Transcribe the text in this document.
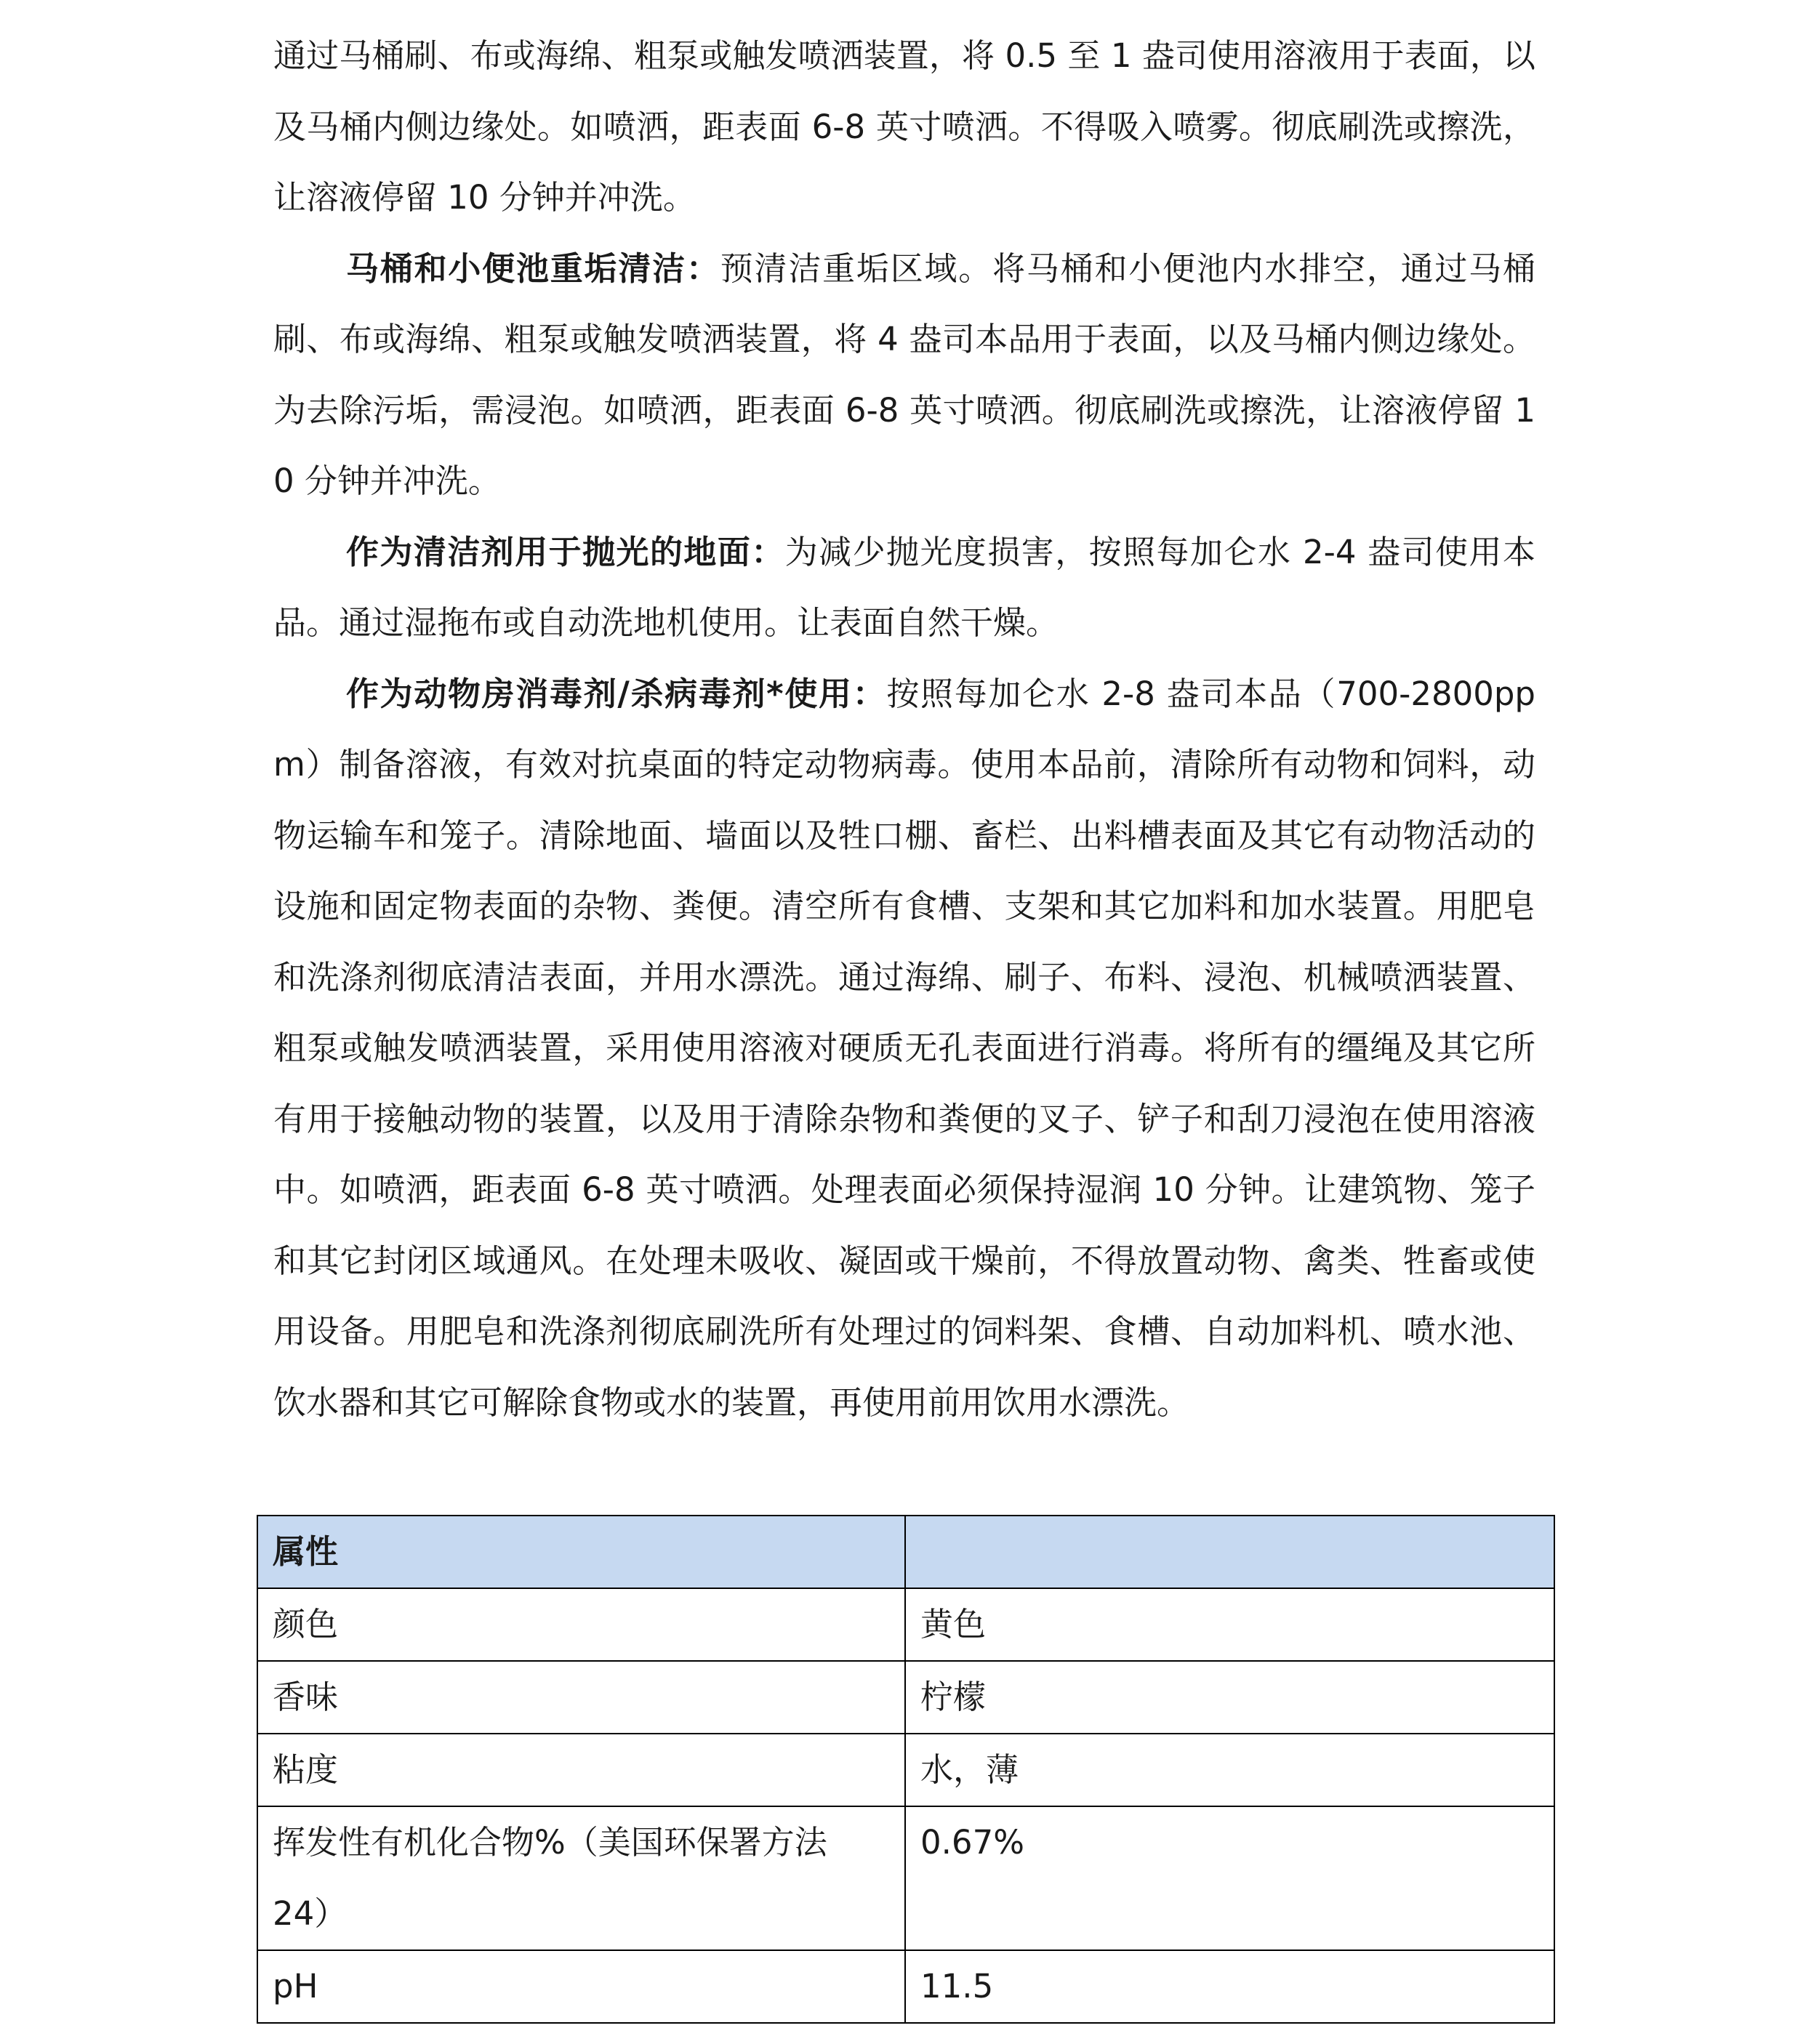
通过马桶刷、布或海绵、粗泵或触发喷洒装置，将 0.5 至 1 盎司使用溶液用于表面，以及马桶内侧边缘处。如喷洒，距表面 6-8 英寸喷洒。不得吸入喷雾。彻底刷洗或擦洗，让溶液停留 10 分钟并冲洗。

马桶和小便池重垢清洁：预清洁重垢区域。将马桶和小便池内水排空，通过马桶刷、布或海绵、粗泵或触发喷洒装置，将 4 盎司本品用于表面，以及马桶内侧边缘处。为去除污垢，需浸泡。如喷洒，距表面 6-8 英寸喷洒。彻底刷洗或擦洗，让溶液停留 10 分钟并冲洗。

作为清洁剂用于抛光的地面：为减少抛光度损害，按照每加仑水 2-4 盎司使用本品。通过湿拖布或自动洗地机使用。让表面自然干燥。

作为动物房消毒剂/杀病毒剂*使用：按照每加仑水 2-8 盎司本品（700-2800ppm）制备溶液，有效对抗桌面的特定动物病毒。使用本品前，清除所有动物和饲料，动物运输车和笼子。清除地面、墙面以及牲口棚、畜栏、出料槽表面及其它有动物活动的设施和固定物表面的杂物、粪便。清空所有食槽、支架和其它加料和加水装置。用肥皂和洗涤剂彻底清洁表面，并用水漂洗。通过海绵、刷子、布料、浸泡、机械喷洒装置、粗泵或触发喷洒装置，采用使用溶液对硬质无孔表面进行消毒。将所有的缰绳及其它所有用于接触动物的装置，以及用于清除杂物和粪便的叉子、铲子和刮刀浸泡在使用溶液中。如喷洒，距表面 6-8 英寸喷洒。处理表面必须保持湿润 10 分钟。让建筑物、笼子和其它封闭区域通风。在处理未吸收、凝固或干燥前，不得放置动物、禽类、牲畜或使用设备。用肥皂和洗涤剂彻底刷洗所有处理过的饲料架、食槽、自动加料机、喷水池、饮水器和其它可解除食物或水的装置，再使用前用饮用水漂洗。

属性	
颜色	黄色
香味	柠檬
粘度	水，薄
挥发性有机化合物%（美国环保署方法 24）	0.67%
pH	11.5
